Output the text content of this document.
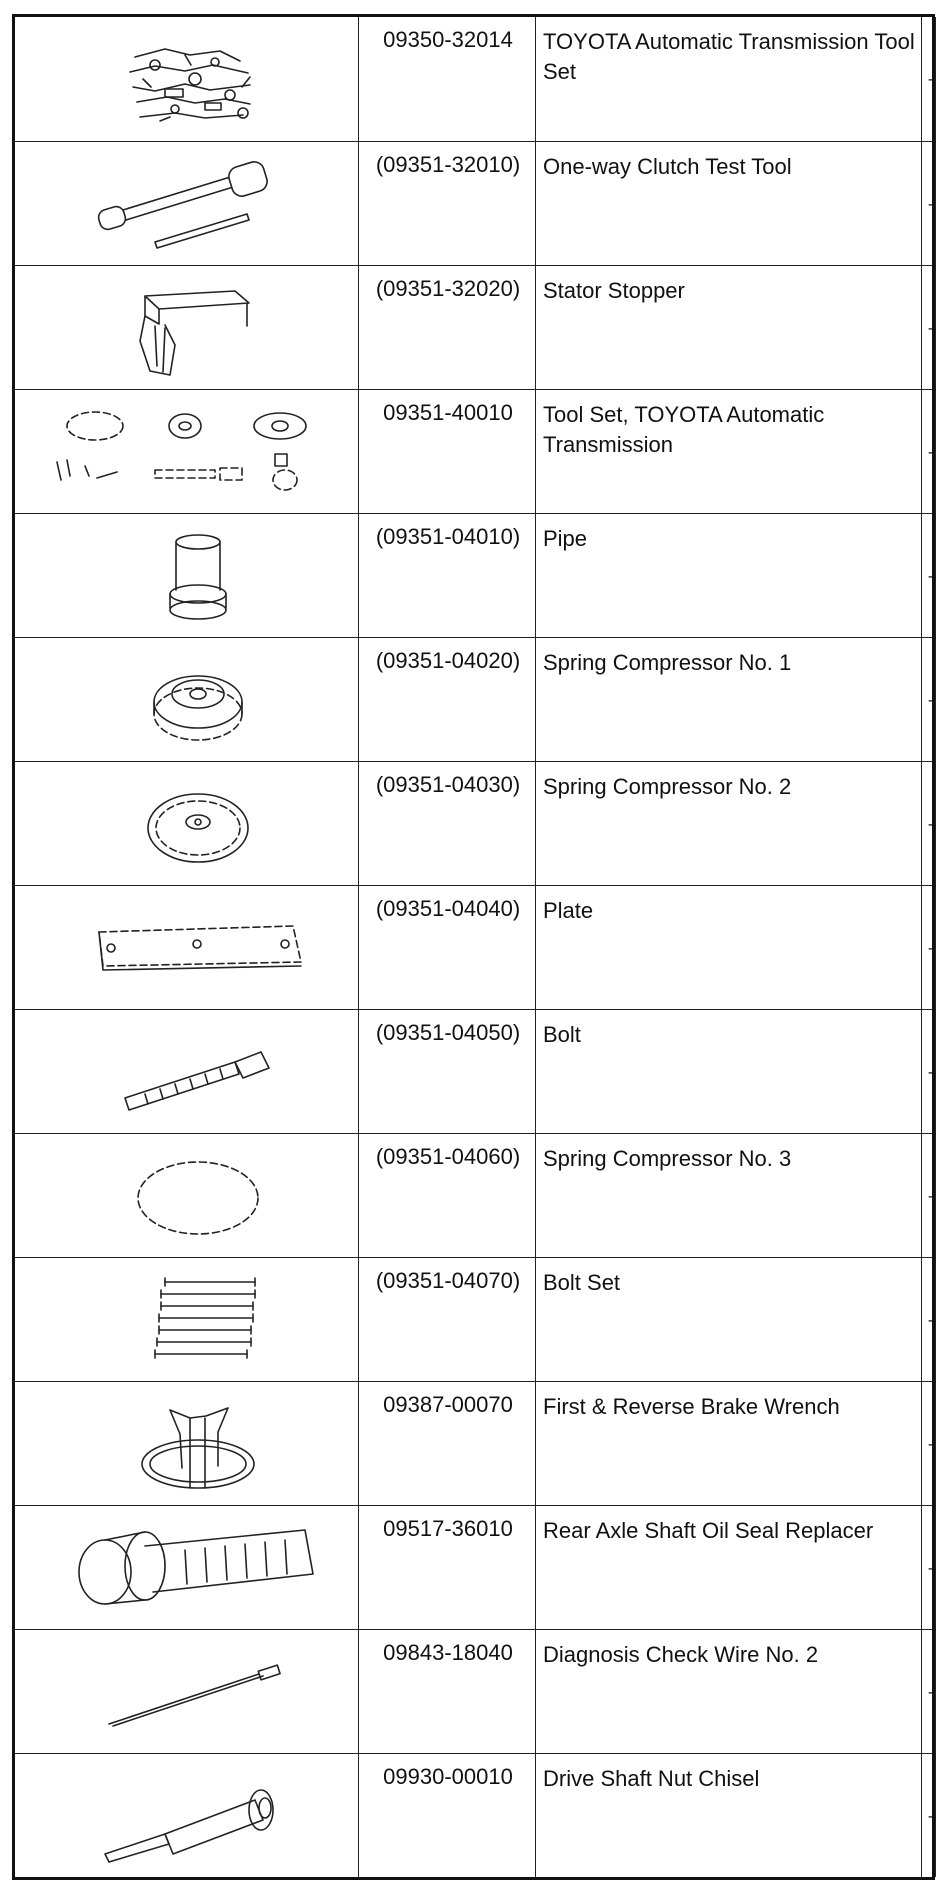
09350-32014	TOYOTA Automatic Transmission Tool Set	-
(09351-32010)	One-way Clutch Test Tool
-
(09351-32020)	Stator Stopper
-
09351-40010	Tool Set, TOYOTA Automatic Transmission	-
(09351-04010)	Pipe
-
(09351-04020)	Spring Compressor No. 1
-
(09351-04030)	Spring Compressor No. 2
-
(09351-04040)	Plate
-
(09351-04050)	Bolt
-
(09351-04060)	Spring Compressor No. 3
-
(09351-04070)	Bolt Set
-
09387-00070	First & Reverse Brake Wrench
-
09517-36010	Rear Axle Shaft Oil Seal Replacer
-
09843-18040	Diagnosis Check Wire No. 2
-
09930-00010	Drive Shaft Nut Chisel
-
